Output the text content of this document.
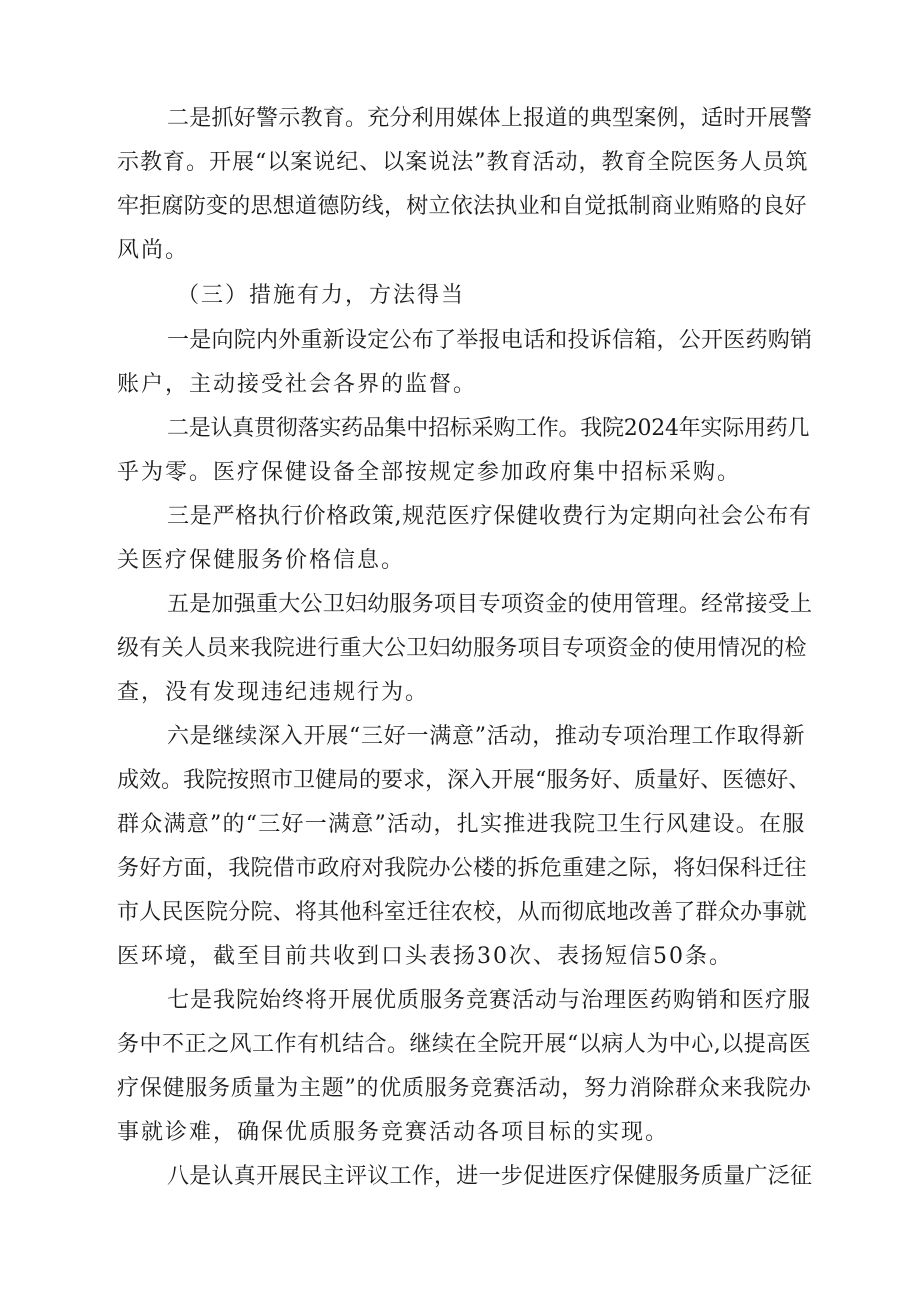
二是抓好警示教育。充分利用媒体上报道的典型案例，适时开展警
示教育。开展“以案说纪、以案说法”教育活动，教育全院医务人员筑
牢拒腐防变的思想道德防线，树立依法执业和自觉抵制商业贿赂的良好
风尚。
（三）措施有力，方法得当
一是向院内外重新设定公布了举报电话和投诉信箱，公开医药购销
账户，主动接受社会各界的监督。
二是认真贯彻落实药品集中招标采购工作。我院2024年实际用药几
乎为零。医疗保健设备全部按规定参加政府集中招标采购。
三是严格执行价格政策,规范医疗保健收费行为定期向社会公布有
关医疗保健服务价格信息。
五是加强重大公卫妇幼服务项目专项资金的使用管理。经常接受上
级有关人员来我院进行重大公卫妇幼服务项目专项资金的使用情况的检
查，没有发现违纪违规行为。
六是继续深入开展“三好一满意”活动，推动专项治理工作取得新
成效。我院按照市卫健局的要求，深入开展“服务好、质量好、医德好、
群众满意”的“三好一满意”活动，扎实推进我院卫生行风建设。在服
务好方面，我院借市政府对我院办公楼的拆危重建之际，将妇保科迁往
市人民医院分院、将其他科室迁往农校，从而彻底地改善了群众办事就
医环境，截至目前共收到口头表扬30次、表扬短信50条。
七是我院始终将开展优质服务竞赛活动与治理医药购销和医疗服
务中不正之风工作有机结合。继续在全院开展“以病人为中心,以提高医
疗保健服务质量为主题”的优质服务竞赛活动，努力消除群众来我院办
事就诊难，确保优质服务竞赛活动各项目标的实现。
八是认真开展民主评议工作，进一步促进医疗保健服务质量广泛征
